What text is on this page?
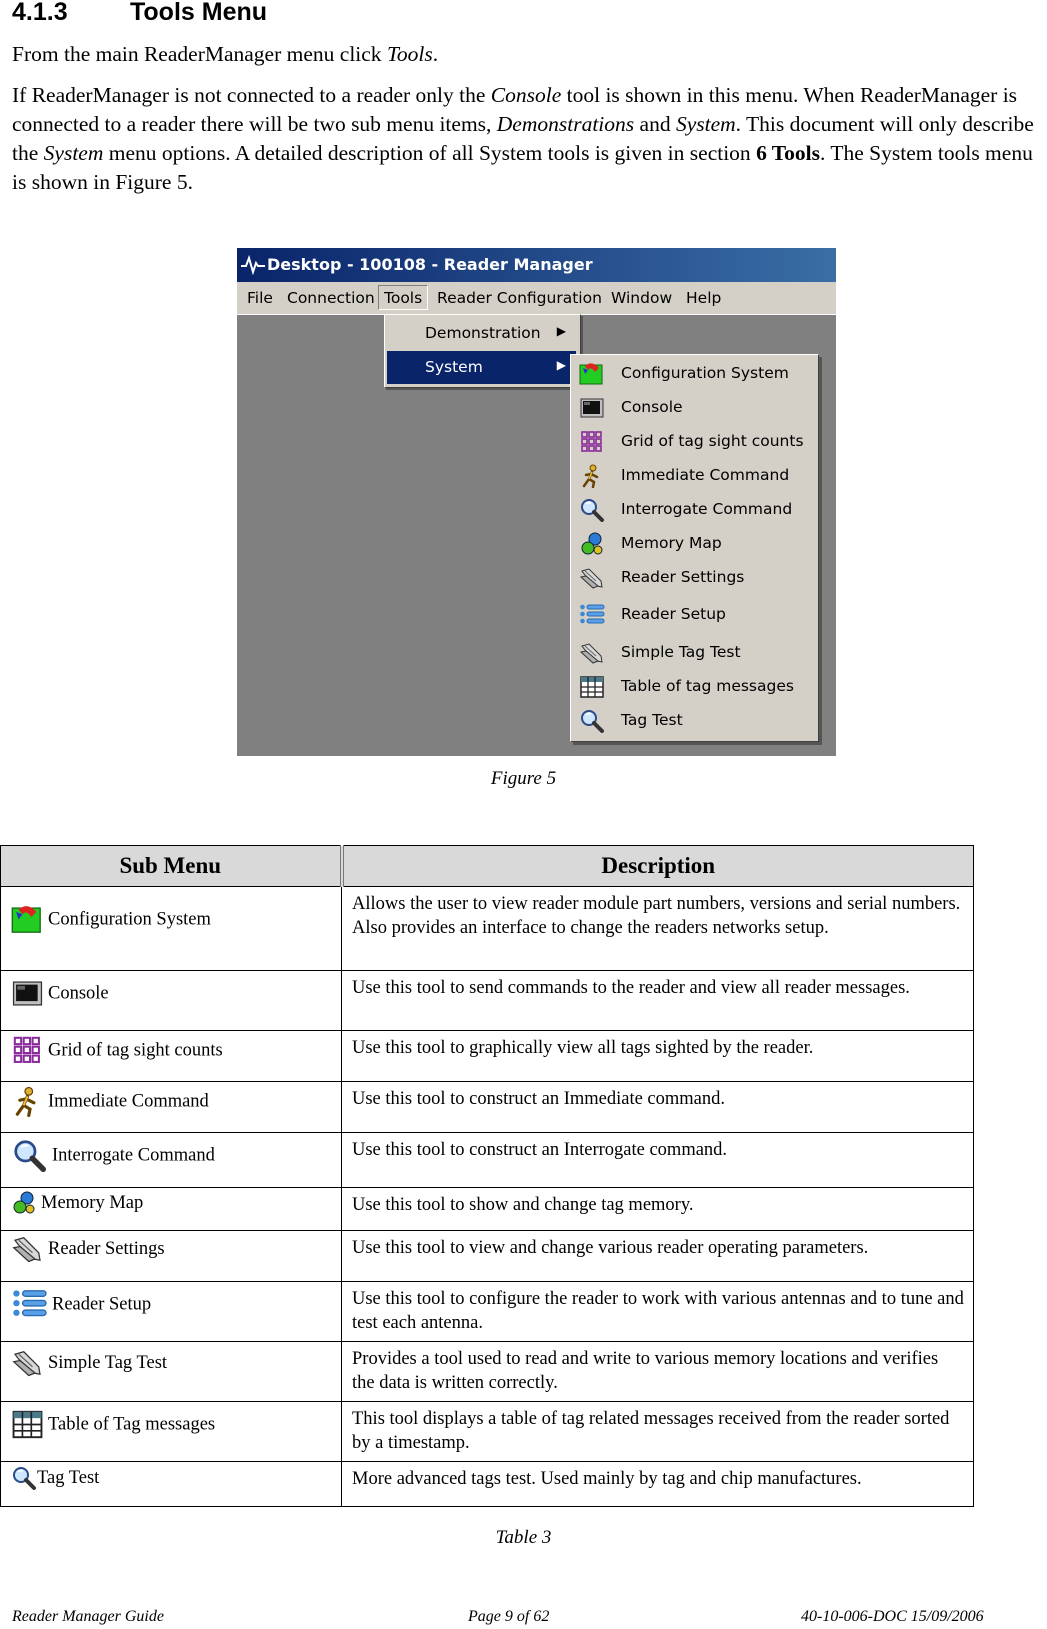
4.1.3 Tools Menu
From the main ReaderManager menu click Tools.
If ReaderManager is not connected to a reader only the Console tool is shown in this menu. When ReaderManager is connected to a reader there will be two sub menu items, Demonstrations and System. This document will only describe the System menu options. A detailed description of all System tools is given in section 6 Tools. The System tools menu is shown in Figure 5.
Desktop - 100108 - Reader Manager
File Connection Tools Reader Configuration Window Help
Demonstration ▶
System	▶	Configuration System
Console
Grid of tag sight counts
Immediate Command
Interrogate Command
Memory Map
Reader Settings
Reader Setup
Simple Tag Test
Table of tag messages
Tag Test
Figure 5
Sub Menu	Description
Configuration System	Allows the user to view reader module part numbers, versions and serial numbers. Also provides an interface to change the readers networks setup.
Console	Use this tool to send commands to the reader and view all reader messages.
Grid of tag sight counts	Use this tool to graphically view all tags sighted by the reader.
Immediate Command	Use this tool to construct an Immediate command.
Interrogate Command	Use this tool to construct an Interrogate command.
Memory Map	Use this tool to show and change tag memory.
Reader Settings	Use this tool to view and change various reader operating parameters.
Reader Setup	Use this tool to configure the reader to work with various antennas and to tune and test each antenna.
Simple Tag Test	Provides a tool used to read and write to various memory locations and verifies the data is written correctly.
Table of Tag messages	This tool displays a table of tag related messages received from the reader sorted by a timestamp.
Tag Test	More advanced tags test. Used mainly by tag and chip manufactures.
Table 3
Reader Manager Guide	Page 9 of 62	40-10-006-DOC 15/09/2006
